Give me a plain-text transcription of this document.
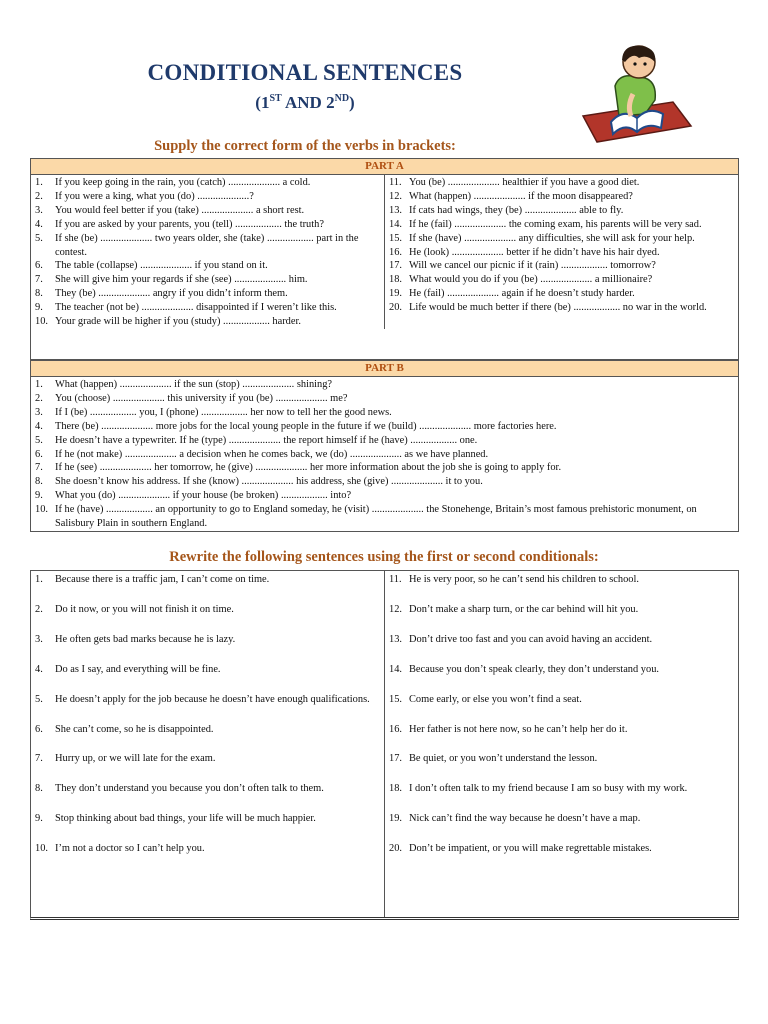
CONDITIONAL SENTENCES
(1ST AND 2ND)
Supply the correct form of the verbs in brackets:
PART A
1.	If you keep going in the rain, you (catch) .................... a cold.
2.	If you were a king, what you (do) ....................?
3.	You would feel better if you (take) .................... a short rest.
4.	If you are asked by your parents, you (tell) .................. the truth?
5.	If she (be) .................... two years older, she (take) .................. part in the contest.
6.	The table (collapse) .................... if you stand on it.
7.	She will give him your regards if she (see) .................... him.
8.	They (be) .................... angry if you didn’t inform them.
9.	The teacher (not be) .................... disappointed if I weren’t like this.
10. Your grade will be higher if you (study) .................. harder.
11. You (be) .................... healthier if you have a good diet.
12. What (happen) .................... if the moon disappeared?
13. If cats had wings, they (be) .................... able to fly.
14. If he (fail) .................... the coming exam, his parents will be very sad.
15. If she (have) .................... any difficulties, she will ask for your help.
16. He (look) .................... better if he didn’t have his hair dyed.
17. Will we cancel our picnic if it (rain) .................. tomorrow?
18. What would you do if you (be) .................... a millionaire?
19. He (fail) .................... again if he doesn’t study harder.
20. Life would be much better if there (be) .................. no war in the world.
PART B
1.	What (happen) .................... if the sun (stop) .................... shining?
2.	You (choose) .................... this university if you (be) .................... me?
3.	If I (be) .................. you, I (phone) .................. her now to tell her the good news.
4.	There (be) .................... more jobs for the local young people in the future if we (build) .................... more factories here.
5.	He doesn’t have a typewriter. If he (type) .................... the report himself if he (have) .................. one.
6.	If he (not make) .................... a decision when he comes back, we (do) .................... as we have planned.
7.	If he (see) .................... her tomorrow, he (give) .................... her more information about the job she is going to apply for.
8.	She doesn’t know his address. If she (know) .................... his address, she (give) .................... it to you.
9.	What you (do) .................... if your house (be broken) .................. into?
10. If he (have) .................. an opportunity to go to England someday, he (visit) .................... the Stonehenge, Britain’s most famous prehistoric monument, on Salisbury Plain in southern England.
Rewrite the following sentences using the first or second conditionals:
1.	Because there is a traffic jam, I can’t come on time.
2.	Do it now, or you will not finish it on time.
3.	He often gets bad marks because he is lazy.
4.	Do as I say, and everything will be fine.
5.	He doesn’t apply for the job because he doesn’t have enough qualifications.
6.	She can’t come, so he is disappointed.
7.	Hurry up, or we will late for the exam.
8.	They don’t understand you because you don’t often talk to them.
9.	Stop thinking about bad things, your life will be much happier.
10. I’m not a doctor so I can’t help you.
11. He is very poor, so he can’t send his children to school.
12. Don’t make a sharp turn, or the car behind will hit you.
13. Don’t drive too fast and you can avoid having an accident.
14. Because you don’t speak clearly, they don’t understand you.
15. Come early, or else you won’t find a seat.
16. Her father is not here now, so he can’t help her do it.
17. Be quiet, or you won’t understand the lesson.
18. I don’t often talk to my friend because I am so busy with my work.
19. Nick can’t find the way because he doesn’t have a map.
20. Don’t be impatient, or you will make regrettable mistakes.
